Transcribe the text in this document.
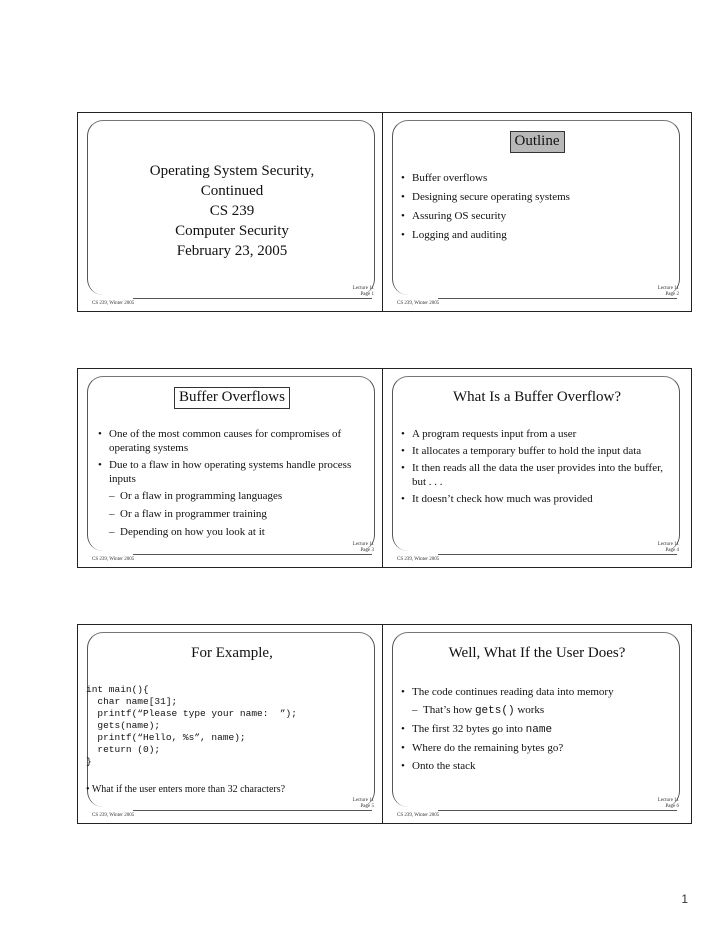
Operating System Security,
Continued
CS 239
Computer Security
February 23, 2005
Lecture 11
Page 1
CS 239, Winter 2005
Outline
• Buffer overflows
• Designing secure operating systems
• Assuring OS security
• Logging and auditing
Lecture 11
Page 2
CS 239, Winter 2005
Buffer Overflows
• One of the most common causes for compromises of operating systems
• Due to a flaw in how operating systems handle process inputs
– Or a flaw in programming languages
– Or a flaw in programmer training
– Depending on how you look at it
Lecture 11
Page 3
CS 239, Winter 2005
What Is a Buffer Overflow?
• A program requests input from a user
• It allocates a temporary buffer to hold the input data
• It then reads all the data the user provides into the buffer, but . . .
• It doesn’t check how much was provided
Lecture 11
Page 4
CS 239, Winter 2005
For Example,
int main(){
char name[31];
printf(“Please type your name:  ”);
gets(name);
printf(“Hello, %s”, name);
return (0);
}
• What if the user enters more than 32 characters?
Lecture 11
Page 5
CS 239, Winter 2005
Well, What If the User Does?
• The code continues reading data into memory
– That’s how gets() works
• The first 32 bytes go into name
• Where do the remaining bytes go?
• Onto the stack
Lecture 11
Page 6
CS 239, Winter 2005
1
